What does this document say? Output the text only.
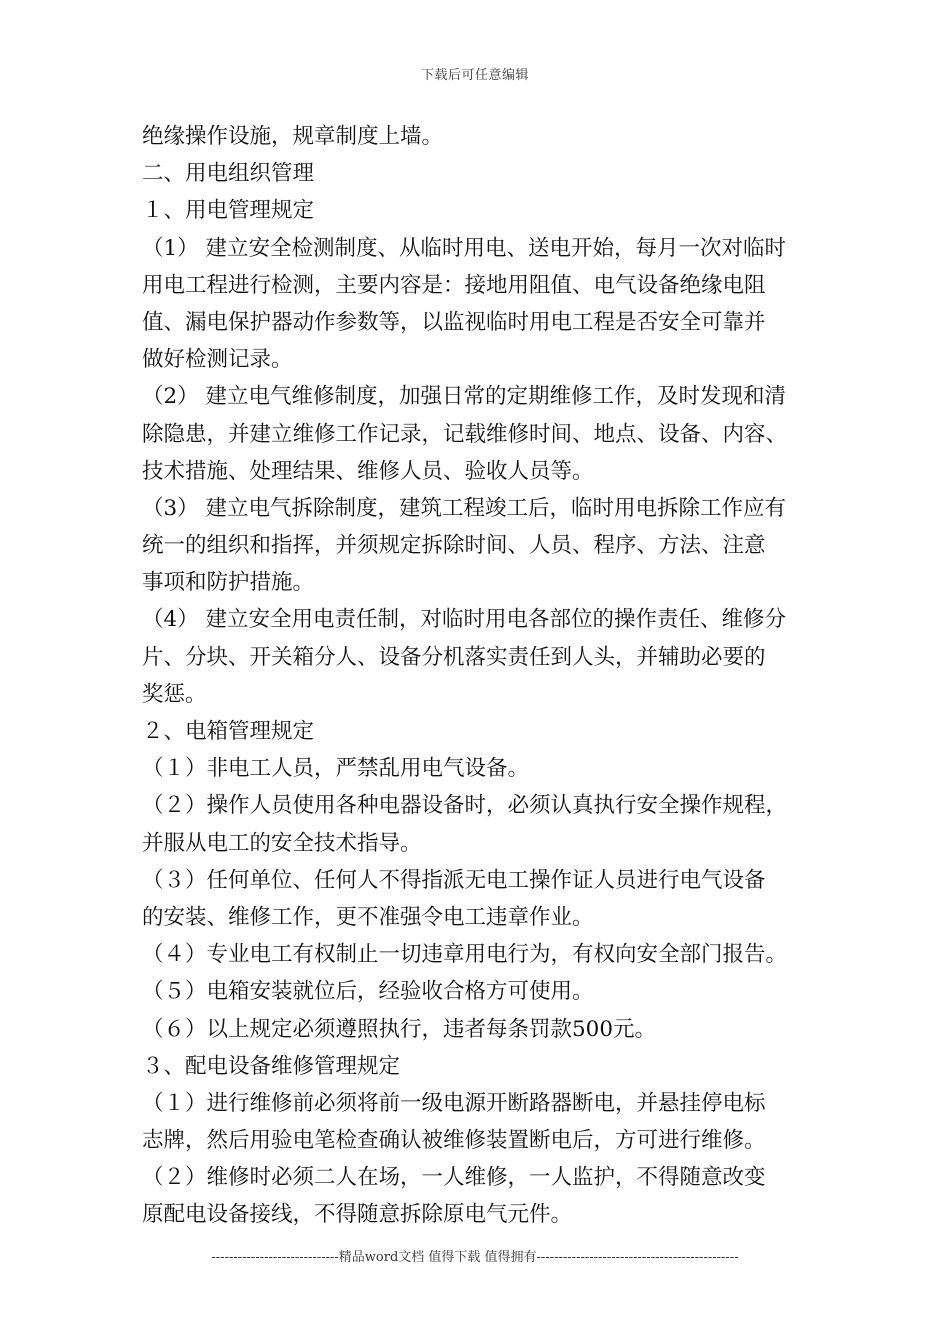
下载后可任意编辑
绝缘操作设施，规章制度上墙。
二、用电组织管理
１、用电管理规定
（1） 建立安全检测制度、从临时用电、送电开始，每月一次对临时
用电工程进行检测，主要内容是：接地用阻值、电气设备绝缘电阻
值、漏电保护器动作参数等，以监视临时用电工程是否安全可靠并
做好检测记录。
（2） 建立电气维修制度，加强日常的定期维修工作，及时发现和清
除隐患，并建立维修工作记录，记载维修时间、地点、设备、内容、
技术措施、处理结果、维修人员、验收人员等。
（3） 建立电气拆除制度，建筑工程竣工后，临时用电拆除工作应有
统一的组织和指挥，并须规定拆除时间、人员、程序、方法、注意
事项和防护措施。
（4） 建立安全用电责任制，对临时用电各部位的操作责任、维修分
片、分块、开关箱分人、设备分机落实责任到人头，并辅助必要的
奖惩。
２、电箱管理规定
（１）非电工人员，严禁乱用电气设备。
（２）操作人员使用各种电器设备时，必须认真执行安全操作规程，
并服从电工的安全技术指导。
（３）任何单位、任何人不得指派无电工操作证人员进行电气设备
的安装、维修工作，更不准强令电工违章作业。
（４）专业电工有权制止一切违章用电行为，有权向安全部门报告。
（５）电箱安装就位后，经验收合格方可使用。
（６）以上规定必须遵照执行，违者每条罚款500元。
３、配电设备维修管理规定
（１）进行维修前必须将前一级电源开断路器断电，并悬挂停电标
志牌，然后用验电笔检查确认被维修装置断电后，方可进行维修。
（２）维修时必须二人在场，一人维修，一人监护，不得随意改变
原配电设备接线，不得随意拆除原电气元件。
-----------------------------精品word文档 值得下载 值得拥有----------------------------------------------
